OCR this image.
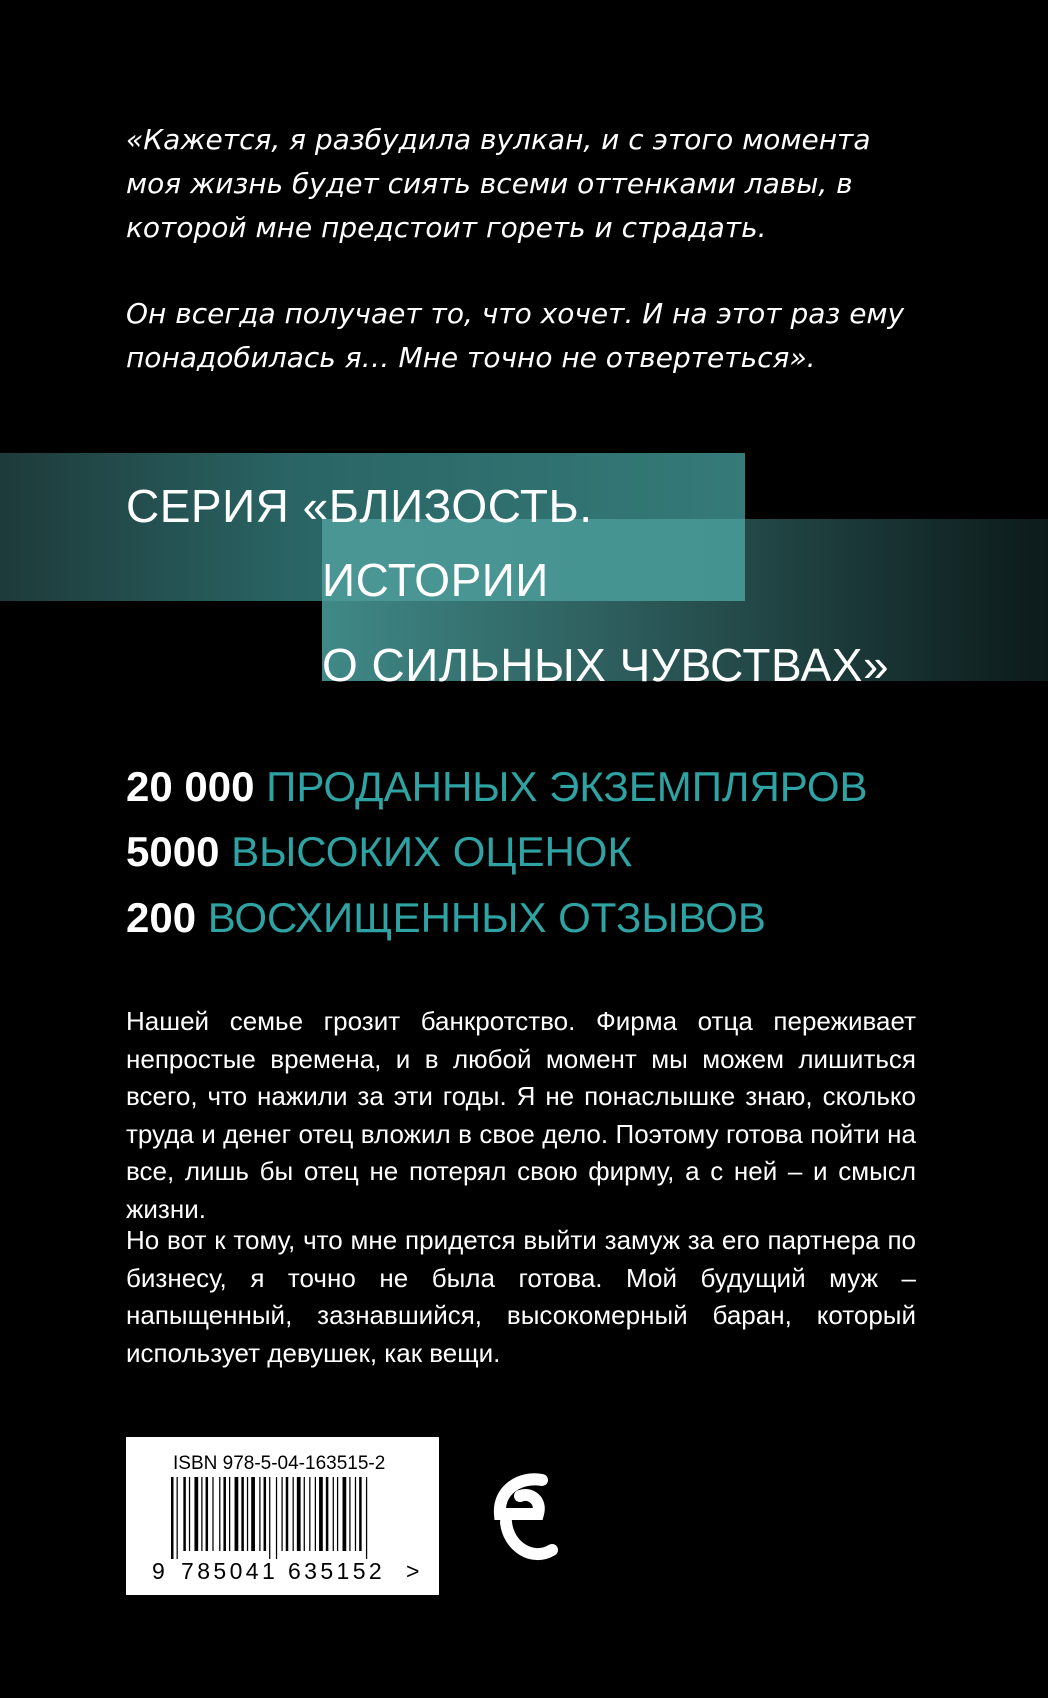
«Кажется, я разбудила вулкан, и с этого момента моя жизнь будет сиять всеми оттенками лавы, в которой мне предстоит гореть и страдать.

Он всегда получает то, что хочет. И на этот раз ему понадобилась я… Мне точно не отвертеться».

СЕРИЯ «БЛИЗОСТЬ.
ИСТОРИИ
О СИЛЬНЫХ ЧУВСТВАХ»
20 000 ПРОДАННЫХ ЭКЗЕМПЛЯРОВ
5000 ВЫСОКИХ ОЦЕНОК
200 ВОСХИЩЕННЫХ ОТЗЫВОВ

Нашей семье грозит банкротство. Фирма отца переживает непростые времена, и в любой момент мы можем лишиться всего, что нажили за эти годы. Я не понаслышке знаю, сколько труда и денег отец вложил в свое дело. Поэтому готова пойти на все, лишь бы отец не потерял свою фирму, а с ней – и смысл жизни.

Но вот к тому, что мне придется выйти замуж за его партнера по бизнесу, я точно не была готова. Мой будущий муж – напыщенный, зазнавшийся, высокомерный баран, который использует девушек, как вещи.

ISBN 978-5-04-163515-2
9 785041 635152 >
